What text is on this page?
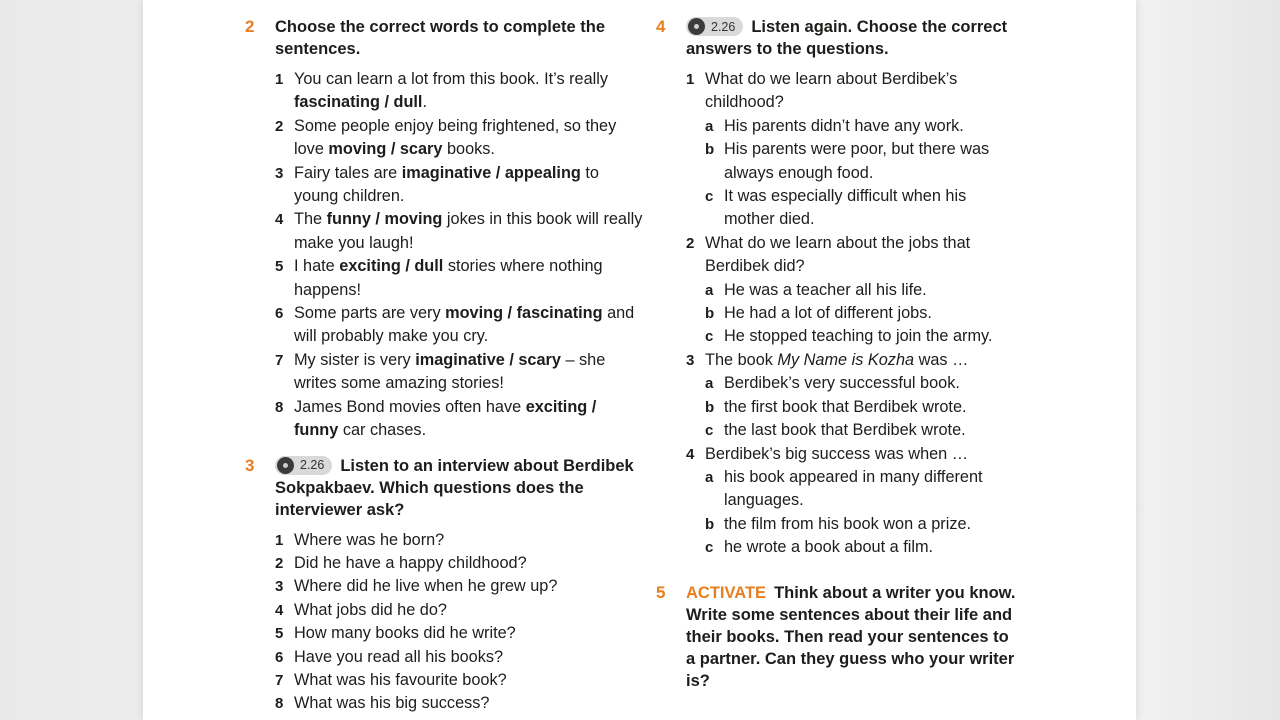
2	Choose the correct words to complete the sentences.
1 You can learn a lot from this book. It’s really fascinating / dull.
2 Some people enjoy being frightened, so they love moving / scary books.
3 Fairy tales are imaginative / appealing to young children.
4 The funny / moving jokes in this book will really make you laugh!
5 I hate exciting / dull stories where nothing happens!
6 Some parts are very moving / fascinating and will probably make you cry.
7 My sister is very imaginative / scary – she writes some amazing stories!
8 James Bond movies often have exciting / funny car chases.
3	2.26 Listen to an interview about Berdibek Sokpakbaev. Which questions does the interviewer ask?
1 Where was he born?
2 Did he have a happy childhood?
3 Where did he live when he grew up?
4 What jobs did he do?
5 How many books did he write?
6 Have you read all his books?
7 What was his favourite book?
8 What was his big success?
4	2.26 Listen again. Choose the correct answers to the questions.
1 What do we learn about Berdibek’s childhood?
a His parents didn’t have any work.
b His parents were poor, but there was always enough food.
c It was especially difficult when his mother died.
2 What do we learn about the jobs that Berdibek did?
a He was a teacher all his life.
b He had a lot of different jobs.
c He stopped teaching to join the army.
3 The book My Name is Kozha was …
a Berdibek’s very successful book.
b the first book that Berdibek wrote.
c the last book that Berdibek wrote.
4 Berdibek’s big success was when …
a his book appeared in many different languages.
b the film from his book won a prize.
c he wrote a book about a film.
5	ACTIVATE Think about a writer you know. Write some sentences about their life and their books. Then read your sentences to a partner. Can they guess who your writer is?
